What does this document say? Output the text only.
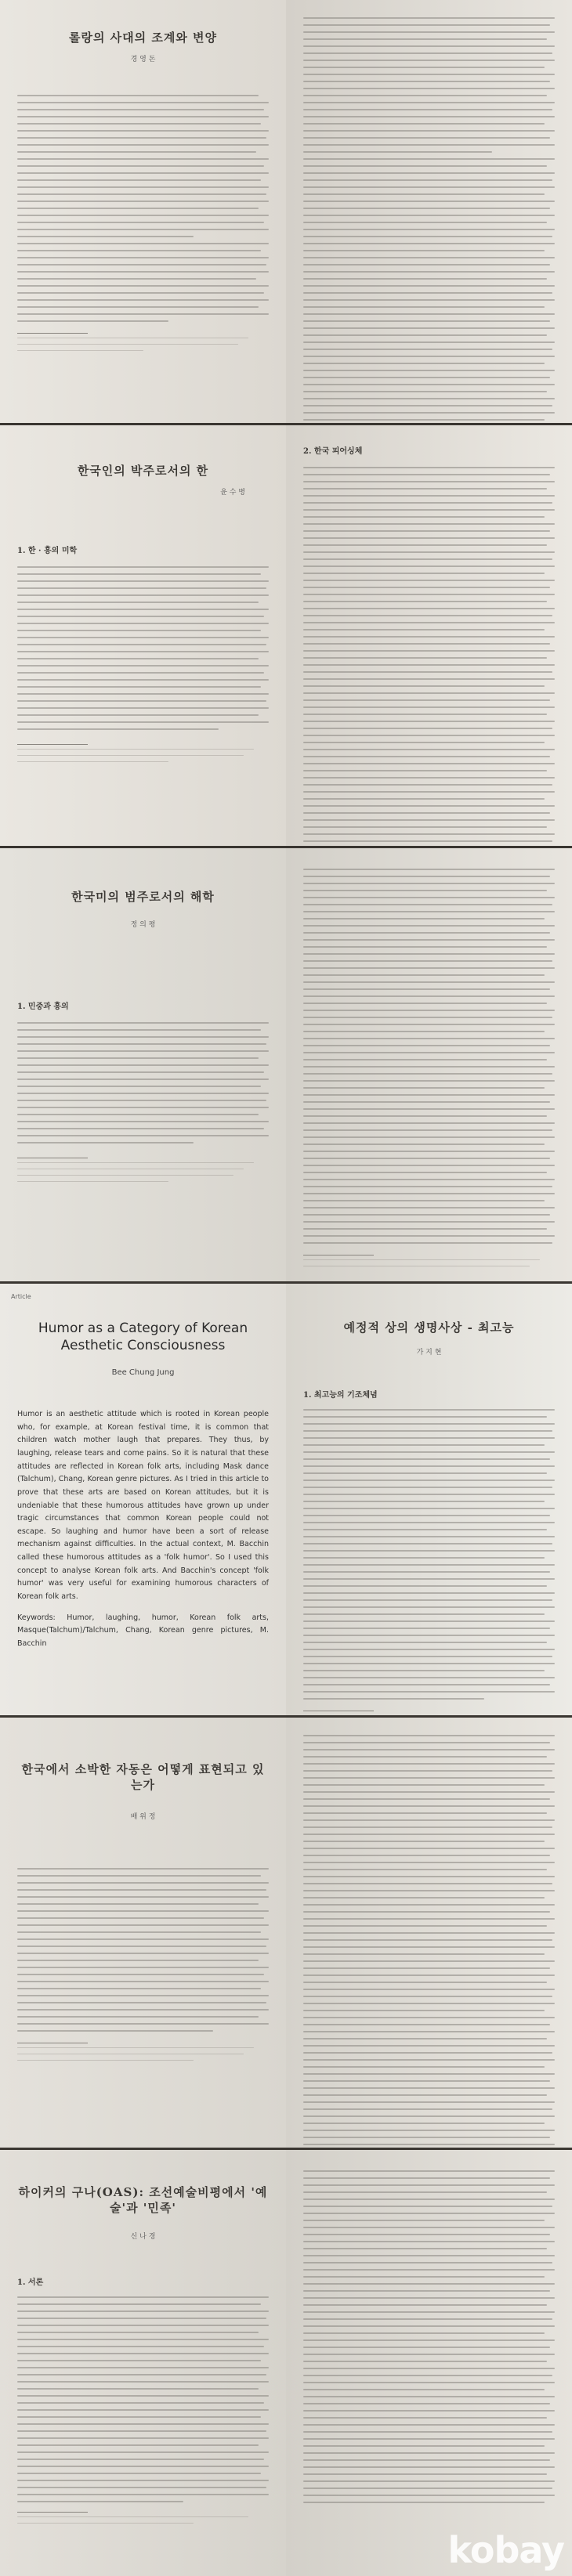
롤랑의 사대의 조계와 변양
경 영 돈
한국인의 박주로서의 한
윤 수 병
1. 한 · 흥의 미학
2. 한국 피어싱체
한국미의 범주로서의 해학
정 의 평
1. 민중과 흥의
Article
Humor as a Category of Korean Aesthetic Consciousness
Bee Chung Jung

Humor is an aesthetic attitude which is rooted in Korean people who, for example, at Korean festival time, it is common that children watch mother laugh that prepares. They thus, by laughing, release tears and come pains. So it is natural that these attitudes are reflected in Korean folk arts, including Mask dance (Talchum), Chang, Korean genre pictures. As I tried in this article to prove that these arts are based on Korean attitudes, but it is undeniable that these humorous attitudes have grown up under tragic circumstances that common Korean people could not escape. So laughing and humor have been a sort of release mechanism against difficulties. In the actual context, M. Bacchin called these humorous attitudes as a 'folk humor'. So I used this concept to analyse Korean folk arts. And Bacchin's concept 'folk humor' was very useful for examining humorous characters of Korean folk arts.

Keywords: Humor, laughing, humor, Korean folk arts, Masque(Talchum)/Talchum, Chang, Korean genre pictures, M. Bacchin

예정적 상의 생명사상 - 최고능
가 지 현
1. 최고능의 기조체념
한국에서 소박한 자동은 어떻게 표현되고 있는가
배 위 정
하이커의 구나(OAS): 조선예술비평에서 '예술'과 '민족'
신 나 경
1. 서론
kobay
